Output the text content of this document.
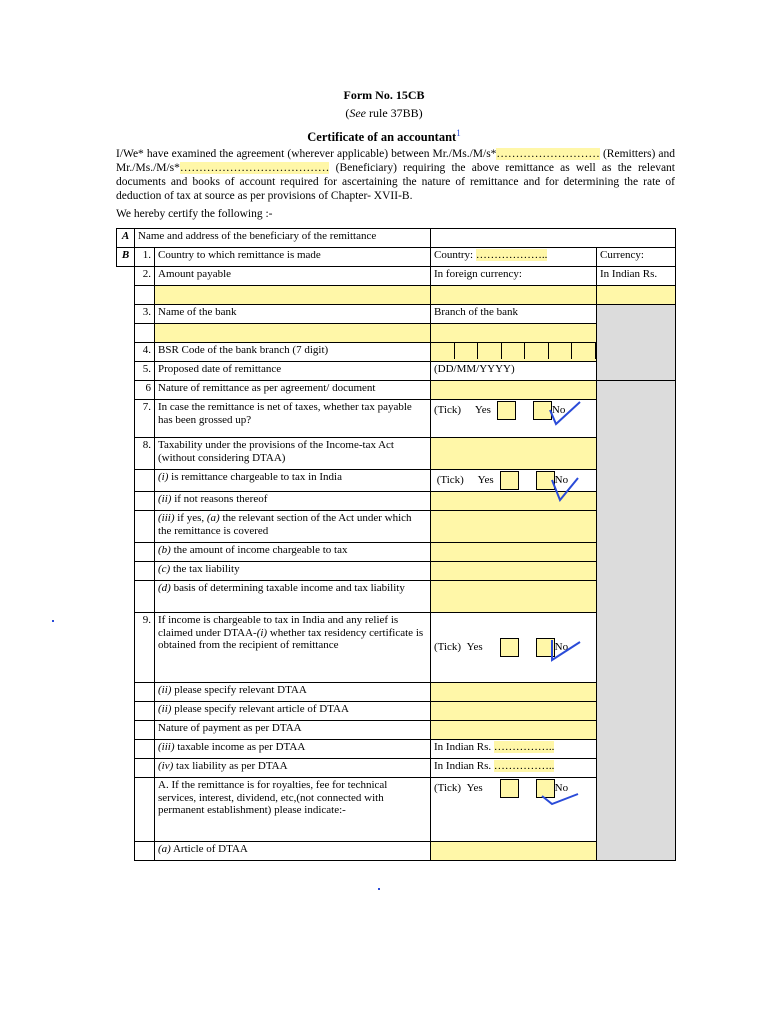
Form No. 15CB
(See rule 37BB)
Certificate of an accountant$^1$
I/We* have examined the agreement (wherever applicable) between Mr./Ms./M/s*……………………… (Remitters) and Mr./Ms./M/s*………………………………… (Beneficiary) requiring the above remittance as well as the relevant documents and books of account required for ascertaining the nature of remittance and for determining the rate of deduction of tax at source as per provisions of Chapter- XVII-B.
We hereby certify the following :-
A	Name and address of the beneficiary of the remittance			
B	1.	Country to which remittance is made	Country: ………………..	Currency:
	2.	Amount payable	In foreign currency:	In Indian Rs.

	3.	Name of the bank	Branch of the bank	

	4.	BSR Code of the bank branch (7 digit)		

	5.	Proposed date of remittance	(DD/MM/YYYY)	
	6	Nature of remittance as per agreement/ document		
	7.	In case the remittance is net of taxes, whether tax payable has been grossed up?	(Tick) Yes No	
	8.	Taxability under the provisions of the Income-tax Act (without considering DTAA)		
		(i) is remittance chargeable to tax in India	(Tick) Yes No	
		(ii) if not reasons thereof		
		(iii) if yes, (a) the relevant section of the Act under which the remittance is covered		
		(b) the amount of income chargeable to tax		
		(c) the tax liability		
		(d) basis of determining taxable income and tax liability		
	9.	If income is chargeable to tax in India and any relief is claimed under DTAA-(i) whether tax residency certificate is obtained from the recipient of remittance	(Tick) Yes No	
		(ii) please specify relevant DTAA		
		(ii) please specify relevant article of DTAA		
		Nature of payment as per DTAA		
		(iii) taxable income as per DTAA	In Indian Rs. ……………..	
		(iv) tax liability as per DTAA	In Indian Rs. ……………..	
		A. If the remittance is for royalties, fee for technical services, interest, dividend, etc,(not connected with permanent establishment) please indicate:-	(Tick) Yes No	
		(a) Article of DTAA		
